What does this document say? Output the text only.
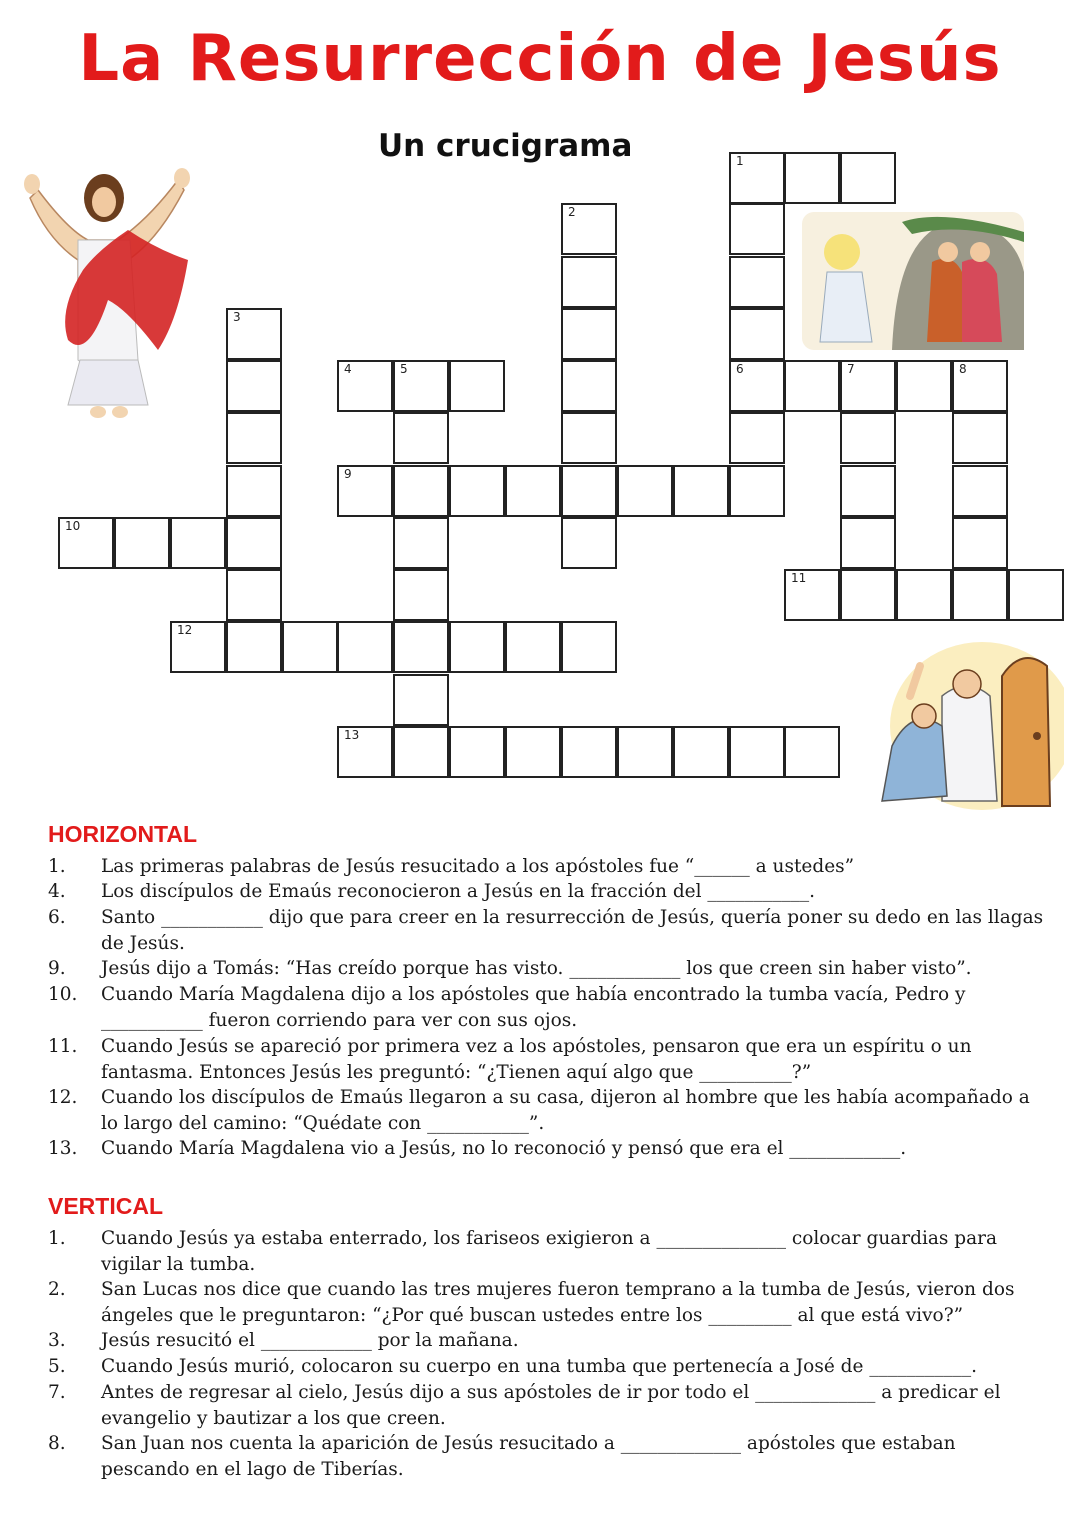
La Resurrección de Jesús
Un crucigrama	1
6
2
3
4	5	7	8
9
10
11
12
13
HORIZONTAL
1.	Las primeras palabras de Jesús resucitado a los apóstoles fue “______ a ustedes”
4.	Los discípulos de Emaús reconocieron a Jesús en la fracción del ___________.
6.	Santo ___________ dijo que para creer en la resurrección de Jesús, quería poner su dedo en las llagas de Jesús.
9.	Jesús dijo a Tomás: “Has creído porque has visto. ____________ los que creen sin haber visto”.
10.	Cuando María Magdalena dijo a los apóstoles que había encontrado la tumba vacía, Pedro y ___________ fueron corriendo para ver con sus ojos.
11.	Cuando Jesús se apareció por primera vez a los apóstoles, pensaron que era un espíritu o un fantasma. Entonces Jesús les preguntó: “¿Tienen aquí algo que __________?”
12.	Cuando los discípulos de Emaús llegaron a su casa, dijeron al hombre que les había acompañado a lo largo del camino: “Quédate con ___________”.
13.	Cuando María Magdalena vio a Jesús, no lo reconoció y pensó que era el ____________.
VERTICAL
1.	Cuando Jesús ya estaba enterrado, los fariseos exigieron a ______________ colocar guardias para vigilar la tumba.
2.	San Lucas nos dice que cuando las tres mujeres fueron temprano a la tumba de Jesús, vieron dos ángeles que le preguntaron: “¿Por qué buscan ustedes entre los _________ al que está vivo?”
3.	Jesús resucitó el ____________ por la mañana.
5.	Cuando Jesús murió, colocaron su cuerpo en una tumba que pertenecía a José de ___________.
7.	Antes de regresar al cielo, Jesús dijo a sus apóstoles de ir por todo el _____________ a predicar el evangelio y bautizar a los que creen.
8.	San Juan nos cuenta la aparición de Jesús resucitado a _____________ apóstoles que estaban pescando en el lago de Tiberías.
